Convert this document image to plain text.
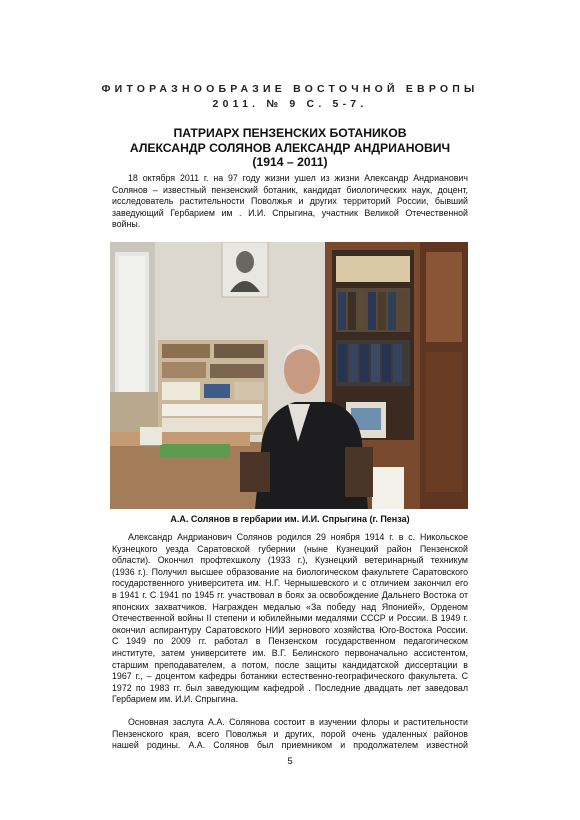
ФИТОРАЗНООБРАЗИЕ ВОСТОЧНОЙ ЕВРОПЫ
2011. № 9 С. 5-7.
ПАТРИАРХ ПЕНЗЕНСКИХ БОТАНИКОВ
АЛЕКСАНДР СОЛЯНОВ АЛЕКСАНДР АНДРИАНОВИЧ
(1914 – 2011)
18 октября 2011 г. на 97 году жизни ушел из жизни Александр Андрианович
Солянов – известный пензенский ботаник, кандидат биологических наук, доцент,
исследователь растительности Поволжья и других территорий России, бывший
заведующий Гербарием им . И.И. Спрыгина, участник Великой Отечественной
войны.
А.А. Солянов в гербарии им. И.И. Спрыгина (г. Пенза)
Александр Андрианович Солянов родился 29 ноября 1914 г. в с. Никольское
Кузнецкого уезда Саратовской губернии (ныне Кузнецкий район Пензенской
области). Окончил профтехшколу (1933 г.), Кузнецкий ветеринарный техникум
(1936 г.). Получил высшее образование на биологическом факультете Саратовского
государственного университета им. Н.Г. Чернышевского и с отличием закончил его
в 1941 г. С 1941 по 1945 гг. участвовал в боях за освобождение Дальнего Востока от
японских захватчиков. Награжден медалью «За победу над Японией», Орденом
Отечественной войны II степени и юбилейными медалями СССР и России. В 1949 г.
окончил аспирантуру Саратовского НИИ зернового хозяйства Юго-Востока России.
С 1949 по 2009 гг. работал в Пензенском государственном педагогическом
институте, затем университете им. В.Г. Белинского первоначально ассистентом,
старшим преподавателем, а потом, после защиты кандидатской диссертации в
1967 г., – доцентом кафедры ботаники естественно-географического факультета. С
1972 по 1983 гг. был заведующим кафедрой . Последние двадцать лет заведовал
Гербарием им. И.И. Спрыгина.
Основная заслуга А.А. Солянова состоит в изучении флоры и растительности
Пензенского края, всего Поволжья и других, порой очень удаленных районов
нашей родины. А.А. Солянов был приемником и продолжателем известной
5
